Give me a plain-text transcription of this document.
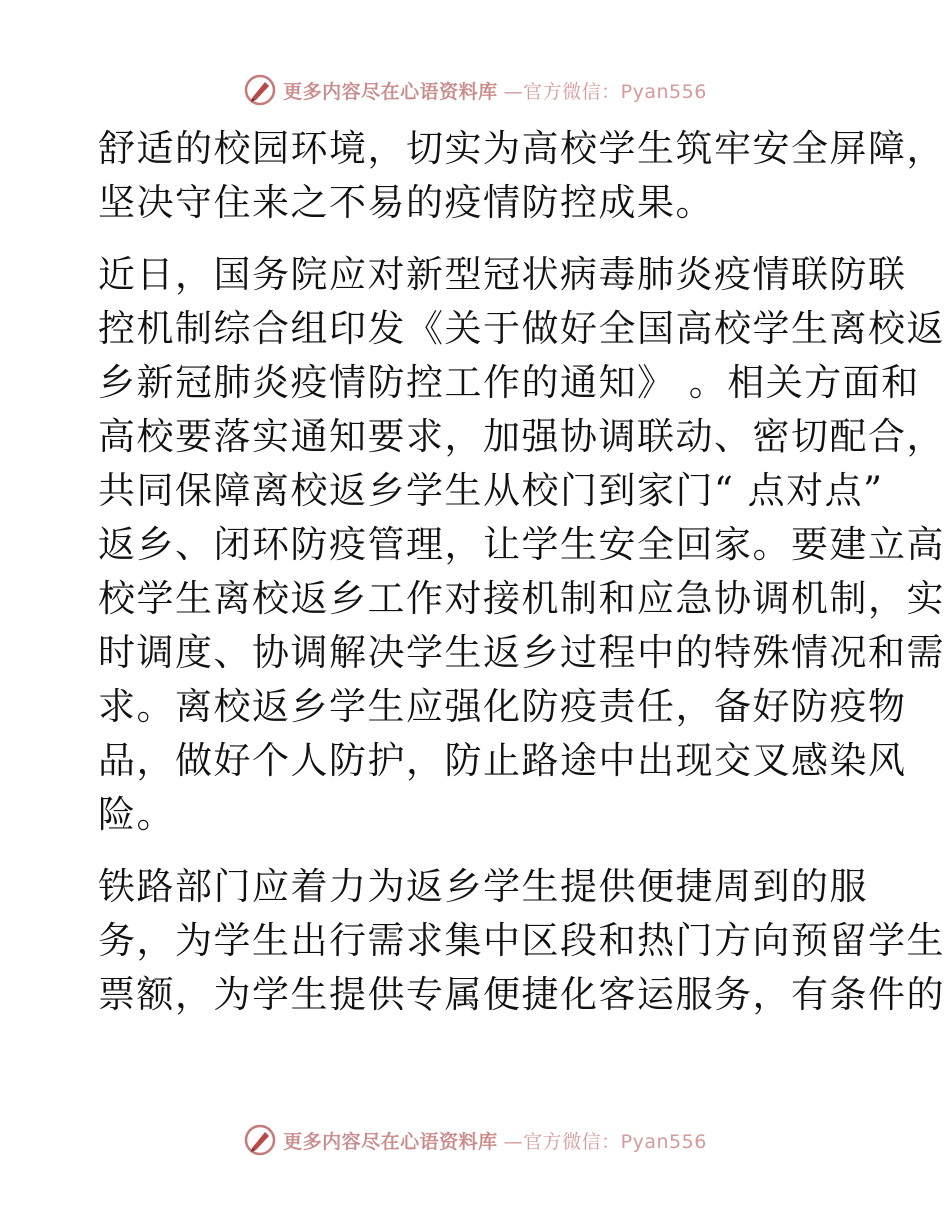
更多内容尽在心语资料库 —官方微信：Pyan556
舒适的校园环境，切实为高校学生筑牢安全屏障，
坚决守住来之不易的疫情防控成果。
近日，国务院应对新型冠状病毒肺炎疫情联防联
控机制综合组印发《关于做好全国高校学生离校返
乡新冠肺炎疫情防控工作的通知》 。相关方面和
高校要落实通知要求，加强协调联动、密切配合，
共同保障离校返乡学生从校门到家门“ 点对点”
返乡、闭环防疫管理，让学生安全回家。要建立高
校学生离校返乡工作对接机制和应急协调机制，实
时调度、协调解决学生返乡过程中的特殊情况和需
求。离校返乡学生应强化防疫责任，备好防疫物
品，做好个人防护，防止路途中出现交叉感染风
险。
铁路部门应着力为返乡学生提供便捷周到的服
务，为学生出行需求集中区段和热门方向预留学生
票额，为学生提供专属便捷化客运服务，有条件的
更多内容尽在心语资料库 —官方微信：Pyan556
